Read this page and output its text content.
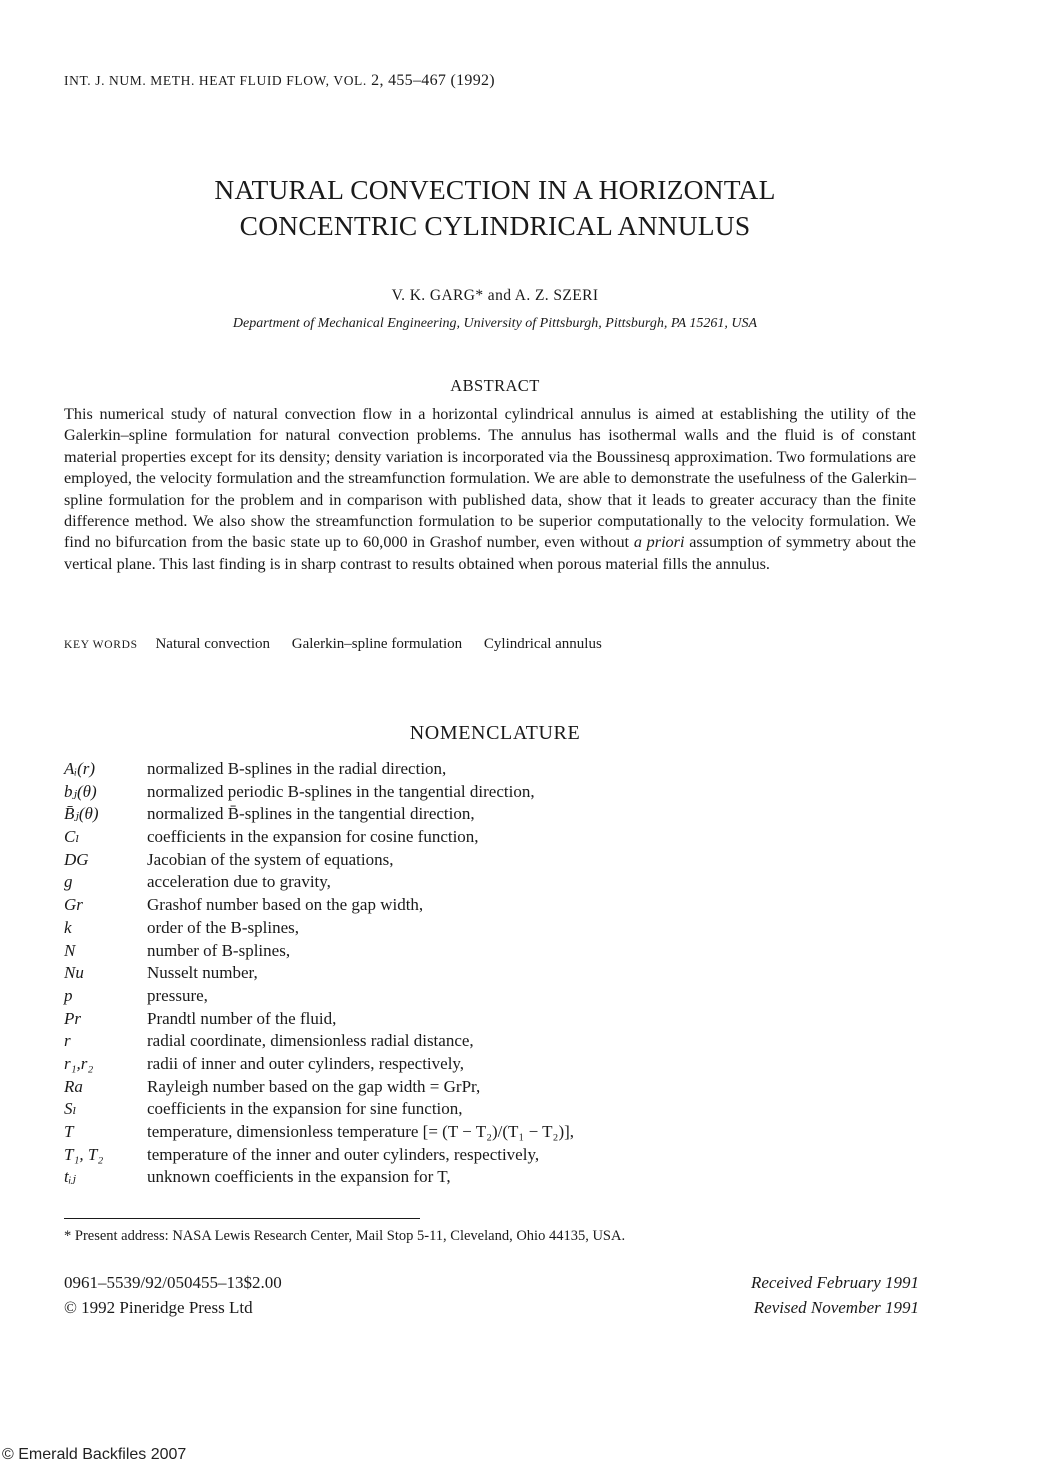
INT. J. NUM. METH. HEAT FLUID FLOW, VOL. 2, 455–467 (1992)
NATURAL CONVECTION IN A HORIZONTAL
CONCENTRIC CYLINDRICAL ANNULUS
V. K. GARG* and A. Z. SZERI
Department of Mechanical Engineering, University of Pittsburgh, Pittsburgh, PA 15261, USA
ABSTRACT

This numerical study of natural convection flow in a horizontal cylindrical annulus is aimed at establishing the utility of the Galerkin–spline formulation for natural convection problems. The annulus has isothermal walls and the fluid is of constant material properties except for its density; density variation is incorporated via the Boussinesq approximation. Two formulations are employed, the velocity formulation and the streamfunction formulation. We are able to demonstrate the usefulness of the Galerkin–spline formulation for the problem and in comparison with published data, show that it leads to greater accuracy than the finite difference method. We also show the streamfunction formulation to be superior computationally to the velocity formulation. We find no bifurcation from the basic state up to 60,000 in Grashof number, even without a priori assumption of symmetry about the vertical plane. This last finding is in sharp contrast to results obtained when porous material fills the annulus.

KEY WORDS Natural convection Galerkin–spline formulation Cylindrical annulus
NOMENCLATURE
Aᵢ(r)	normalized B-splines in the radial direction,
bⱼ(θ)	normalized periodic B-splines in the tangential direction,
B̄ⱼ(θ)	normalized B̄-splines in the tangential direction,
Cₗ	coefficients in the expansion for cosine function,
DG	Jacobian of the system of equations,
g	acceleration due to gravity,
Gr	Grashof number based on the gap width,
k	order of the B-splines,
N	number of B-splines,
Nu	Nusselt number,
p	pressure,
Pr	Prandtl number of the fluid,
r	radial coordinate, dimensionless radial distance,
r₁,r₂	radii of inner and outer cylinders, respectively,
Ra	Rayleigh number based on the gap width = GrPr,
Sₗ	coefficients in the expansion for sine function,
T	temperature, dimensionless temperature [= (T − T₂)/(T₁ − T₂)],
T₁, T₂	temperature of the inner and outer cylinders, respectively,
tᵢⱼ	unknown coefficients in the expansion for T,
* Present address: NASA Lewis Research Center, Mail Stop 5-11, Cleveland, Ohio 44135, USA.
0961–5539/92/050455–13$2.00
© 1992 Pineridge Press Ltd
Received February 1991
Revised November 1991
© Emerald Backfiles 2007
